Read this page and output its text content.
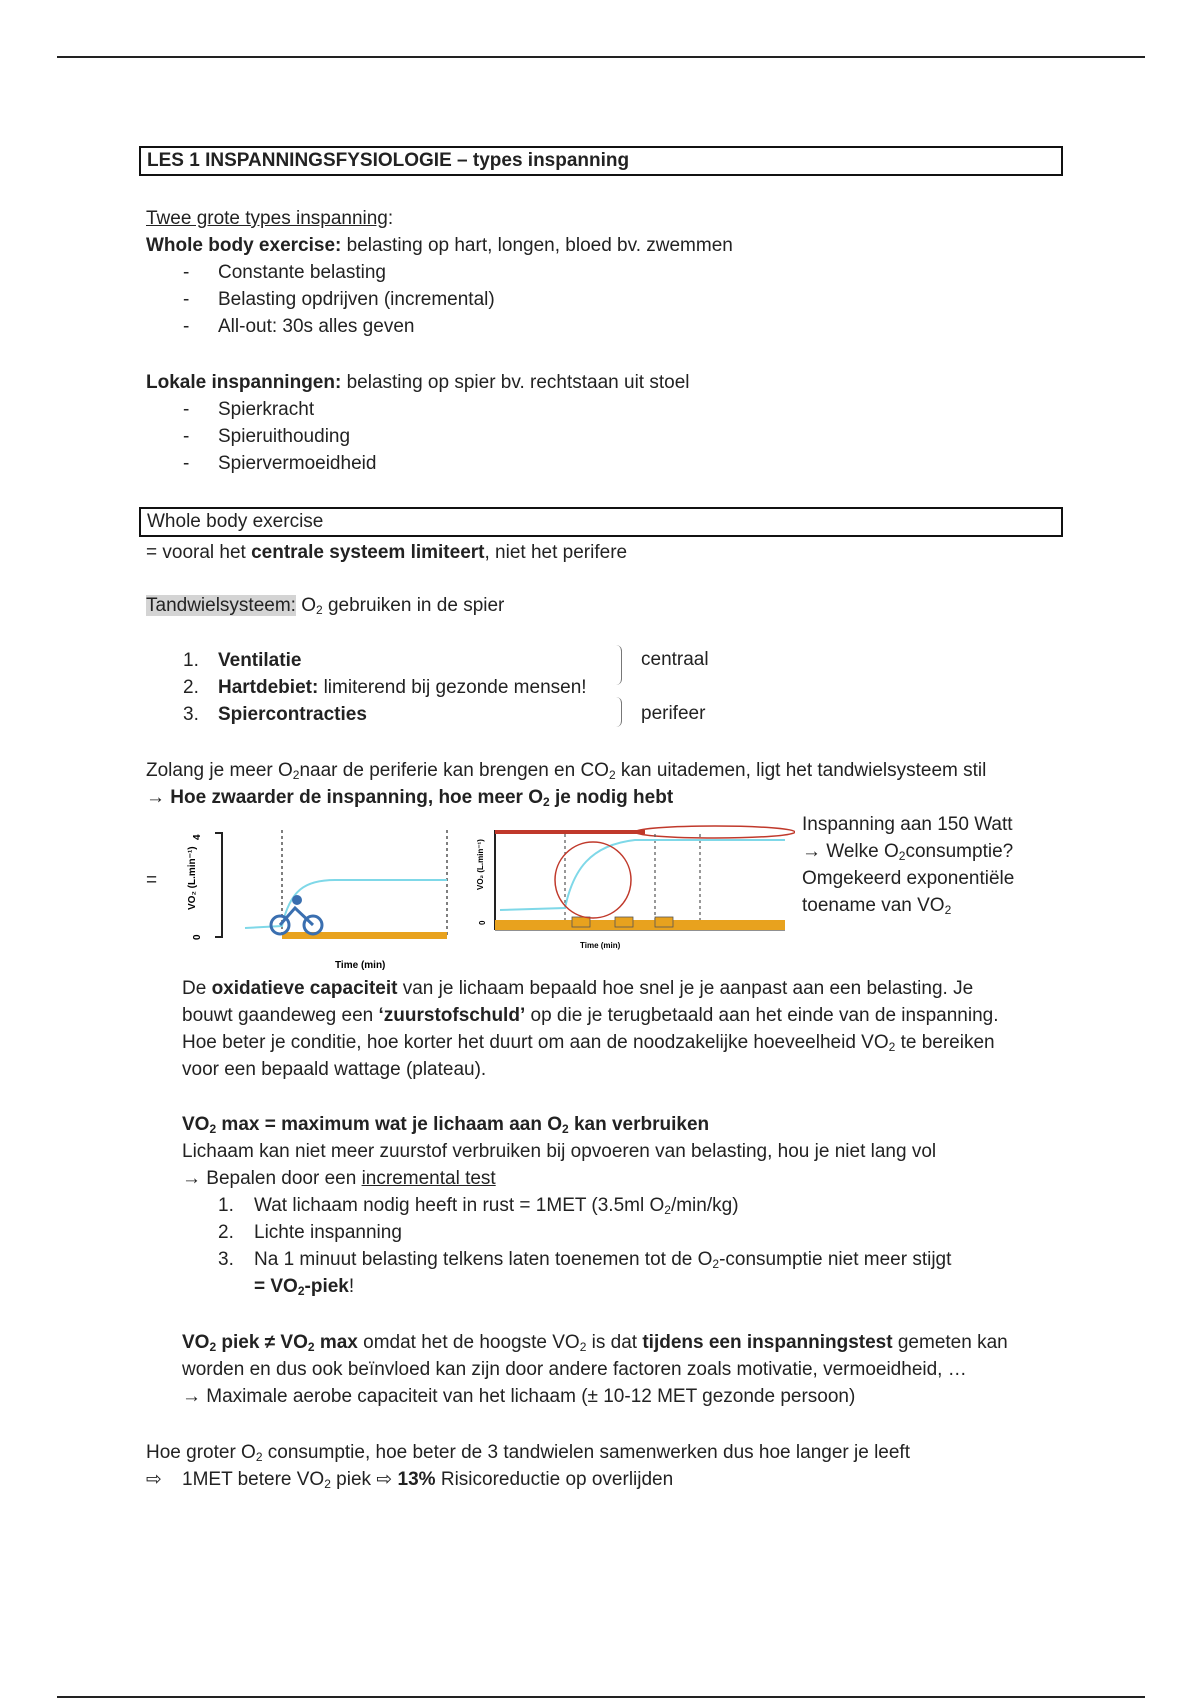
LES 1 INSPANNINGSFYSIOLOGIE – types inspanning
Twee grote types inspanning:
Whole body exercise: belasting op hart, longen, bloed bv. zwemmen
- Constante belasting
- Belasting opdrijven (incremental)
- All-out: 30s alles geven
Lokale inspanningen: belasting op spier bv. rechtstaan uit stoel
- Spierkracht
- Spieruithouding
- Spiervermoeidheid
Whole body exercise
= vooral het centrale systeem limiteert, niet het perifere
Tandwielsysteem: $O_2$ gebruiken in de spier
1. Ventilatie
2. Hartdebiet: limiterend bij gezonde mensen!
3. Spiercontracties
centraal
perifeer
Zolang je meer $O_2naar$ de periferie kan brengen en $CO_2$ kan uitademen, ligt het tandwielsysteem stil
→ Hoe zwaarder de inspanning, hoe meer $O_2$ je nodig hebt
=	VO₂ (L.min⁻¹)
4
0
Time (min)
VO₂ (L.min⁻¹)
0
Time (min)
Inspanning aan 150 Watt
→ Welke $O_2consumptie$?
Omgekeerd exponentiële
toename van $VO_2$
De oxidatieve capaciteit van je lichaam bepaald hoe snel je je aanpast aan een belasting. Je
bouwt gaandeweg een ‘zuurstofschuld’ op die je terugbetaald aan het einde van de inspanning.
Hoe beter je conditie, hoe korter het duurt om aan de noodzakelijke hoeveelheid $VO_2$ te bereiken
voor een bepaald wattage (plateau).
$VO_2$ max = maximum wat je lichaam aan $O_2$ kan verbruiken
Lichaam kan niet meer zuurstof verbruiken bij opvoeren van belasting, hou je niet lang vol
→ Bepalen door een incremental test
1. Wat lichaam nodig heeft in rust = 1MET (3.5ml $O_2/\min/kg$)
2. Lichte inspanning
3. Na 1 minuut belasting telkens laten toenemen tot de $O_2$-consumptie niet meer stijgt
= $VO_2$-piek!
$VO_2$ piek ≠ $VO_2$ max omdat het de hoogste $VO_2$ is dat tijdens een inspanningstest gemeten kan
worden en dus ook beïnvloed kan zijn door andere factoren zoals motivatie, vermoeidheid, …
→ Maximale aerobe capaciteit van het lichaam (± 10-12 MET gezonde persoon)
Hoe groter $O_2$ consumptie, hoe beter de 3 tandwielen samenwerken dus hoe langer je leeft
⇨ 1MET betere $VO_2$ piek ⇨ 13% Risicoreductie op overlijden
